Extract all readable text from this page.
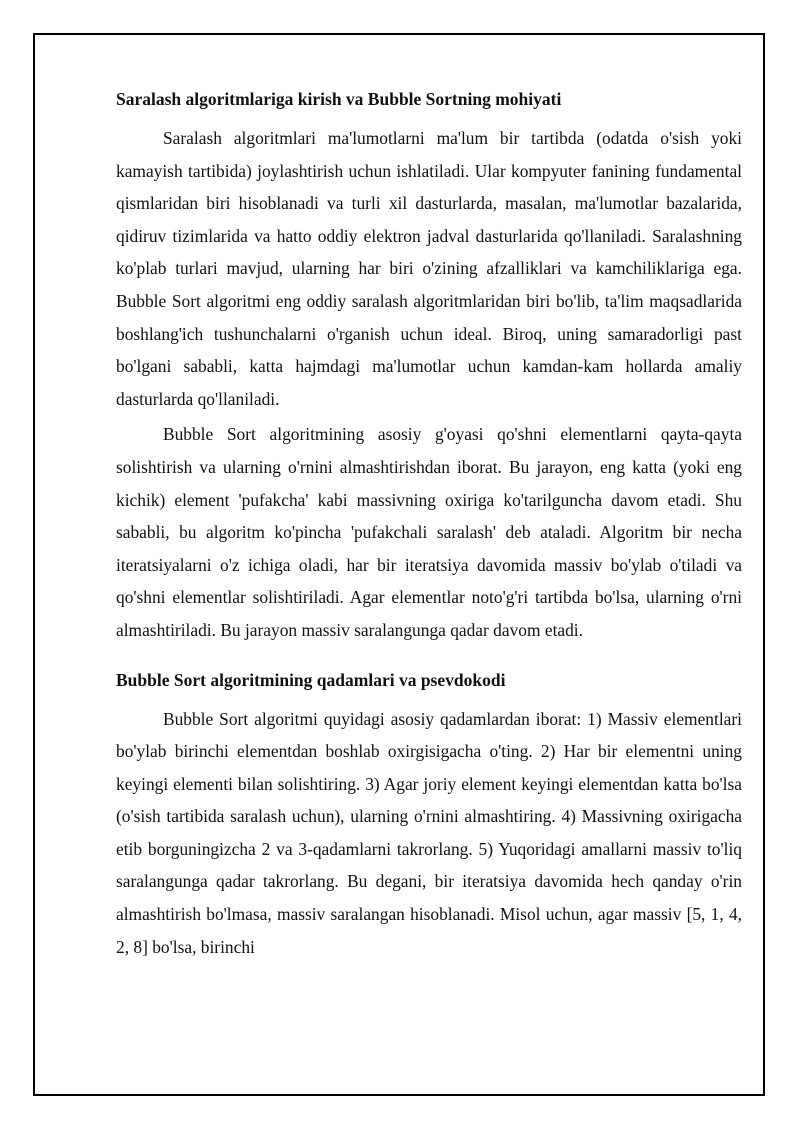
Saralash algoritmlariga kirish va Bubble Sortning mohiyati

Saralash algoritmlari ma'lumotlarni ma'lum bir tartibda (odatda o'sish yoki kamayish tartibida) joylashtirish uchun ishlatiladi. Ular kompyuter fanining fundamental qismlaridan biri hisoblanadi va turli xil dasturlarda, masalan, ma'lumotlar bazalarida, qidiruv tizimlarida va hatto oddiy elektron jadval dasturlarida qo'llaniladi. Saralashning ko'plab turlari mavjud, ularning har biri o'zining afzalliklari va kamchiliklariga ega. Bubble Sort algoritmi eng oddiy saralash algoritmlaridan biri bo'lib, ta'lim maqsadlarida boshlang'ich tushunchalarni o'rganish uchun ideal. Biroq, uning samaradorligi past bo'lgani sababli, katta hajmdagi ma'lumotlar uchun kamdan-kam hollarda amaliy dasturlarda qo'llaniladi.

Bubble Sort algoritmining asosiy g'oyasi qo'shni elementlarni qayta-qayta solishtirish va ularning o'rnini almashtirishdan iborat. Bu jarayon, eng katta (yoki eng kichik) element 'pufakcha' kabi massivning oxiriga ko'tarilguncha davom etadi. Shu sababli, bu algoritm ko'pincha 'pufakchali saralash' deb ataladi. Algoritm bir necha iteratsiyalarni o'z ichiga oladi, har bir iteratsiya davomida massiv bo'ylab o'tiladi va qo'shni elementlar solishtiriladi. Agar elementlar noto'g'ri tartibda bo'lsa, ularning o'rni almashtiriladi. Bu jarayon massiv saralangunga qadar davom etadi.

Bubble Sort algoritmining qadamlari va psevdokodi

Bubble Sort algoritmi quyidagi asosiy qadamlardan iborat: 1) Massiv elementlari bo'ylab birinchi elementdan boshlab oxirgisigacha o'ting. 2) Har bir elementni uning keyingi elementi bilan solishtiring. 3) Agar joriy element keyingi elementdan katta bo'lsa (o'sish tartibida saralash uchun), ularning o'rnini almashtiring. 4) Massivning oxirigacha etib borguningizcha 2 va 3-qadamlarni takrorlang. 5) Yuqoridagi amallarni massiv to'liq saralangunga qadar takrorlang. Bu degani, bir iteratsiya davomida hech qanday o'rin almashtirish bo'lmasa, massiv saralangan hisoblanadi. Misol uchun, agar massiv [5, 1, 4, 2, 8] bo'lsa, birinchi
